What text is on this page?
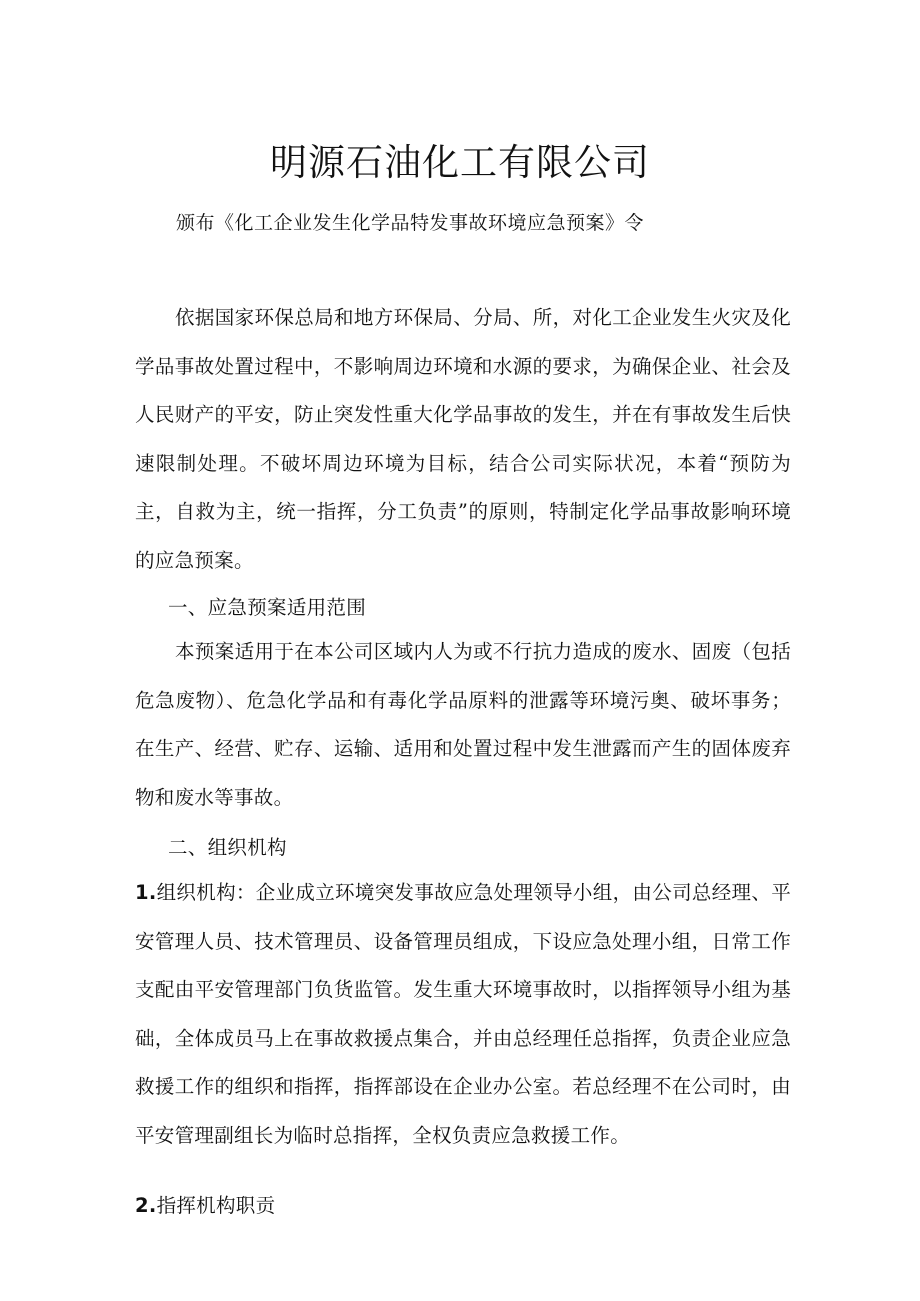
明源石油化工有限公司

颁布《化工企业发生化学品特发事故环境应急预案》令

依据国家环保总局和地方环保局、分局、所，对化工企业发生火灾及化学品事故处置过程中，不影响周边环境和水源的要求，为确保企业、社会及人民财产的平安，防止突发性重大化学品事故的发生，并在有事故发生后快速限制处理。不破坏周边环境为目标，结合公司实际状况，本着“预防为主，自救为主，统一指挥，分工负责”的原则，特制定化学品事故影响环境的应急预案。

一、应急预案适用范围

本预案适用于在本公司区域内人为或不行抗力造成的废水、固废（包括危急废物）、危急化学品和有毒化学品原料的泄露等环境污奥、破坏事务；在生产、经营、贮存、运输、适用和处置过程中发生泄露而产生的固体废弃物和废水等事故。

二、组织机构

1.组织机构：企业成立环境突发事故应急处理领导小组，由公司总经理、平安管理人员、技术管理员、设备管理员组成，下设应急处理小组，日常工作支配由平安管理部门负货监管。发生重大环境事故时，以指挥领导小组为基础，全体成员马上在事故救援点集合，并由总经理任总指挥，负责企业应急救援工作的组织和指挥，指挥部设在企业办公室。若总经理不在公司时，由平安管理副组长为临时总指挥，全权负责应急救援工作。

2.指挥机构职贡
